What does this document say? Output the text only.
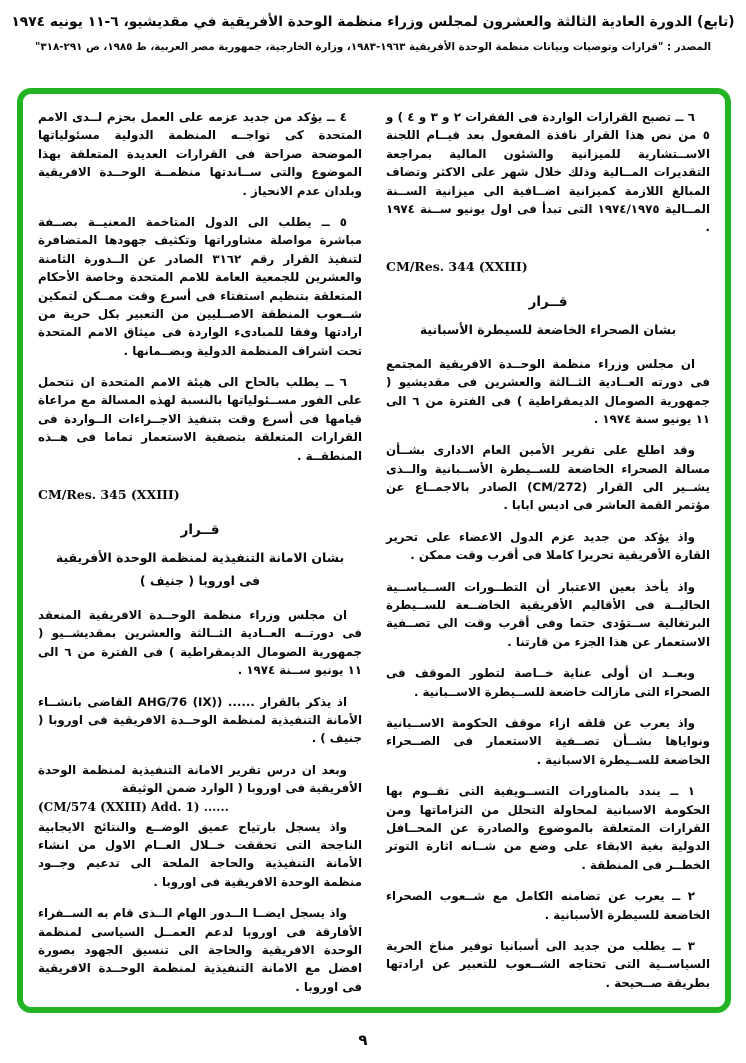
(تابع) الدورة العادية الثالثة والعشرون لمجلس وزراء منظمة الوحدة الأفريقية في مقديشيو، ٦-١١ يونيه ١٩٧٤
المصدر : "قرارات وتوصيات وبيانات منظمة الوحدة الأفريقية ١٩٦٣-١٩٨٣، وزارة الخارجية، جمهورية مصر العربية، ط ١٩٨٥، ص ٢٩١-٣١٨"
٦ ــ تصبح القرارات الواردة فى الفقرات ٢ و ٣ و ٤ ) و ٥ من نص هذا القرار نافذة المفعول بعد قيــام اللجنة الاســتشارية للميزانية والشئون المالية بمراجعة التقديرات المــالية وذلك خلال شهر على الاكثر وتضاف المبالغ اللازمة كميزانية اضــافية الى ميزانية الســنة المــالية ١٩٧٤/١٩٧٥ التى تبدأ فى اول يونيو ســنة ١٩٧٤ .
CM/Res. 344 (XXIII)
قــرار
بشان الصحراء الخاضعة للسيطرة الأسبانية
ان مجلس وزراء منظمة الوحــدة الافريقية المجتمع فى دورته العــادية الثــالثة والعشرين فى مقديشيو ( جمهورية الصومال الديمقراطية ) فى الفترة من ٦ الى ١١ يونيو سنة ١٩٧٤ .
وقد اطلع على تقرير الأمين العام الادارى بشــأن مسالة الصحراء الخاضعة للســيطرة الأســبانية والــذى يشــير الى القرار (CM/272) الصادر بالاجمــاع عن مؤتمر القمة العاشر فى اديس ابابا .
واذ يؤكد من جديد عزم الدول الاعضاء على تحرير القارة الأفريقية تحريرا كاملا فى أقرب وقت ممكن .
واذ يأخذ بعين الاعتبار أن التطــورات الســياســية الحاليــة فى الأقاليم الأفريقية الخاضــعة للســيطرة البرتغالية ســتؤدى حتما وفى أقرب وقت الى تصــفية الاستعمار عن هذا الجزء من قارتنا .
وبعــد ان أولى عناية خــاصة لتطور الموقف فى الصحراء التى مازالت خاضعة للســيطرة الاســبانية .
واذ يعرب عن قلقه ازاء موقف الحكومة الاســبانية ونواياها بشــأن تصــفية الاستعمار فى الصــحراء الخاضعة للســيطرة الاسبانية .
١ ــ يندد بالمناورات التســويفية التى تقــوم بها الحكومة الاسبانية لمحاولة التحلل من التزاماتها ومن القرارات المتعلقة بالموضوع والصادرة عن المحــافل الدولية بغية الابقاء على وضع من شــانه اثارة التوتر الخطــر فى المنطقة .
٢ ــ يعرب عن تضامنه الكامل مع شــعوب الصحراء الخاضعة للسيطرة الأسبانية .
٣ ــ يطلب من جديد الى أسبانيا توفير مناخ الحرية السياســية التى تحتاجه الشــعوب للتعبير عن ارادتها بطريقة صــحيحة .
٤ ــ يؤكد من جديد عزمه على العمل بحزم لــدى الامم المتحدة كى تواجــه المنظمة الدولية مسئولياتها الموضحة صراحة فى القرارات العديدة المتعلقة بهذا الموضوع والتى ســاندتها منظمــة الوحــدة الافريقية وبلدان عدم الانحياز .
٥ ــ يطلب الى الدول المتاخمة المعنيــة بصــفة مباشرة مواصلة مشاوراتها وتكثيف جهودها المتضافرة لتنفيذ القرار رقم ٣١٦٢ الصادر عن الــدورة الثامنة والعشرين للجمعية العامة للامم المتحدة وخاصة الأحكام المتعلقة بتنظيم استفتاء فى أسرع وقت ممــكن لتمكين شــعوب المنطقة الاصــليين من التعبير بكل حرية من ارادتها وفقا للمبادىء الواردة فى ميثاق الامم المتحدة تحت اشراف المنظمة الدولية وبضــمانها .
٦ ــ يطلب بالحاح الى هيئة الامم المتحدة ان تتحمل على الفور مســئولياتها بالنسبة لهذه المسالة مع مراعاة قيامها فى أسرع وقت بتنفيذ الاجــراءات الــواردة فى القرارات المتعلقة بتصفية الاستعمار تماما فى هــذه المنطقــة .
CM/Res. 345 (XXIII)
قــرار
بشان الامانة التنفيذية لمنظمة الوحدة الأفريقية
فى اوروبا ( جنيف )
ان مجلس وزراء منظمة الوحــدة الافريقية المنعقد فى دورتــه العــادية الثــالثة والعشرين بمقديشــيو ( جمهورية الصومال الديمقراطية ) فى الفترة من ٦ الى ١١ يونيو ســنة ١٩٧٤ .
اذ يذكر بالقرار ...... (AHG/76 (IX) القاضى بانشــاء الأمانة التنفيذية لمنظمة الوحــدة الافريقية فى اوروبا ( جنيف ) .
وبعد ان درس تقرير الامانة التنفيذية لمنظمة الوحدة الأفريقية فى اوروبا ( الوارد ضمن الوثيقة
(CM/574 (XXIII) Add. 1) ......
واذ يسجل بارتياح عميق الوضــع والنتائج الايجابية الناجحة التى تحققت خــلال العــام الاول من انشاء الأمانة التنفيذية والحاجة الملحة الى تدعيم وجــود منظمة الوحدة الافريقية فى اوروبا .
واذ يسجل ايضــا الــدور الهام الــذى قام به الســفراء الأفارقة فى اوروبا لدعم العمــل السياسى لمنظمة الوحدة الافريقية والحاجة الى تنسيق الجهود بصورة افضل مع الامانة التنفيذية لمنظمة الوحــدة الافريقية فى اوروبا .
٩
